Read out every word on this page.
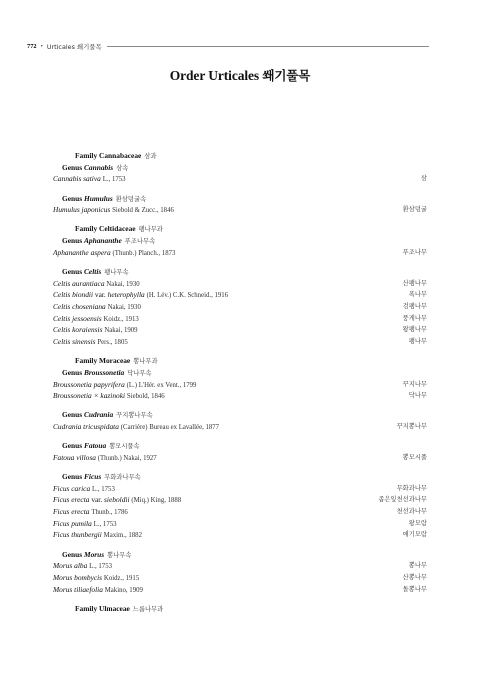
772 • Urticales 쐐기풀목
Order Urticales 쐐기풀목
Family Cannabaceae 삼과
Genus Cannabis 삼속
Cannabis sativa L., 1753	삼
Genus Humulus 환삼덩굴속
Humulus japonicus Siebold & Zucc., 1846	환삼덩굴
Family Celtidaceae 팽나무과
Genus Aphananthe 푸조나무속
Aphananthe aspera (Thunb.) Planch., 1873	푸조나무
Genus Celtis 팽나무속
Celtis aurantiaca Nakai, 1930	산팽나무
Celtis biondii var. heterophylla (H. Lév.) C.K. Schneid., 1916	폭나무
Celtis choseniana Nakai, 1930	검팽나무
Celtis jessoensis Koidz., 1913	풍게나무
Celtis koraiensis Nakai, 1909	왕팽나무
Celtis sinensis Pers., 1805	팽나무
Family Moraceae 뽕나무과
Genus Broussonetia 닥나무속
Broussonetia papyrifera (L.) L'Hér. ex Vent., 1799	꾸지나무
Broussonetia × kazinoki Siebold, 1846	닥나무
Genus Cudrania 꾸지뽕나무속
Cudrania tricuspidata (Carrière) Bureau ex Lavallée, 1877	꾸지뽕나무
Genus Fatoua 뽕모시풀속
Fatoua villosa (Thunb.) Nakai, 1927	뽕모시풀
Genus Ficus 무화과나무속
Ficus carica L., 1753	무화과나무
Ficus erecta var. sieboldii (Miq.) King, 1888	좁은잎천선과나무
Ficus erecta Thunb., 1786	천선과나무
Ficus pumila L., 1753	왕모람
Ficus thunbergii Maxim., 1882	애기모람
Genus Morus 뽕나무속
Morus alba L., 1753	뽕나무
Morus bombycis Koidz., 1915	산뽕나무
Morus tiliaefolia Makino, 1909	돌뽕나무
Family Ulmaceae 느릅나무과
